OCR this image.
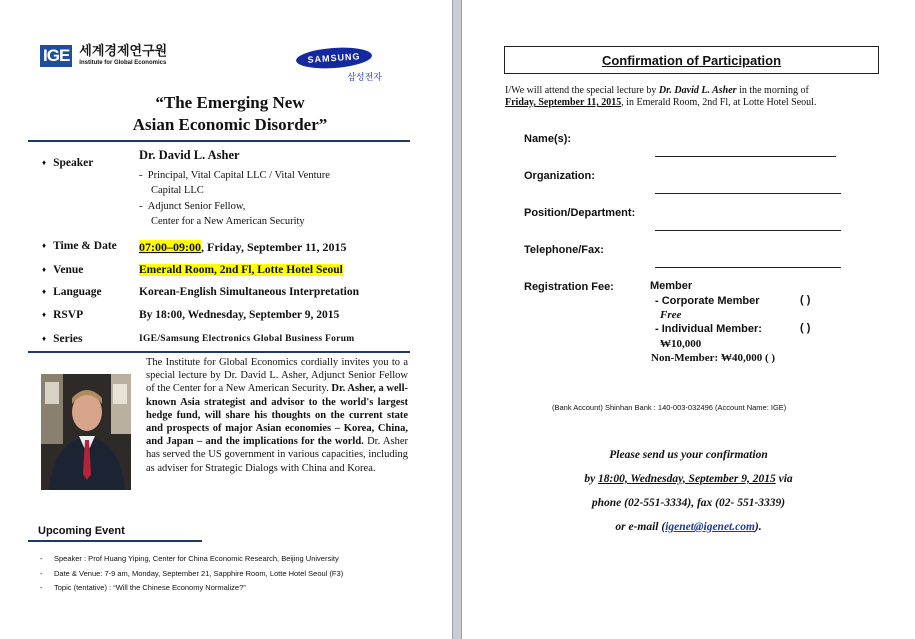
IGE 세계경제연구원
Institute for Global Economics	SAMSUNG
삼성전자
“The Emerging New
Asian Economic Disorder”
♦ Speaker
Dr. David L. Asher
-  Principal, Vital Capital LLC / Vital Venture
Capital LLC
-  Adjunct Senior Fellow,
Center for a New American Security
♦ Time & Date 07:00–09:00, Friday, September 11, 2015
♦ Venue	Emerald Room, 2nd Fl, Lotte Hotel Seoul
♦ Language	Korean-English Simultaneous Interpretation
♦ RSVP	By 18:00, Wednesday, September 9, 2015
♦ Series	IGE/Samsung Electronics Global Business Forum
The Institute for Global Economics cordially invites you to a special lecture by Dr. David L. Asher, Adjunct Senior Fellow of the Center for a New American Security. Dr. Asher, a well-known Asia strategist and advisor to the world's largest hedge fund, will share his thoughts on the current state and prospects of major Asian economies – Korea, China, and Japan – and the implications for the world. Dr. Asher has served the US government in various capacities, including as adviser for Strategic Dialogs with China and Korea.
Upcoming Event
- Speaker : Prof Huang Yiping, Center for China Economic Research, Beijing University
- Date & Venue: 7-9 am, Monday, September 21, Sapphire Room, Lotte Hotel Seoul (F3)
- Topic (tentative) : “Will the Chinese Economy Normalize?”
Confirmation of Participation
I/We will attend the special lecture by Dr. David L. Asher in the morning of
Friday, September 11, 2015, in Emerald Room, 2nd Fl, at Lotte Hotel Seoul.
Name(s):
Organization:
Position/Department:
Telephone/Fax:
Registration Fee:	Member
- Corporate Member	( )
Free
- Individual Member:	( )
₩10,000
Non-Member: ₩40,000 ( )
(Bank Account) Shinhan Bank : 140-003-032496 (Account Name: IGE)
Please send us your confirmation
by 18:00, Wednesday, September 9, 2015 via
phone (02-551-3334), fax (02- 551-3339)
or e-mail (igenet@igenet.com).
